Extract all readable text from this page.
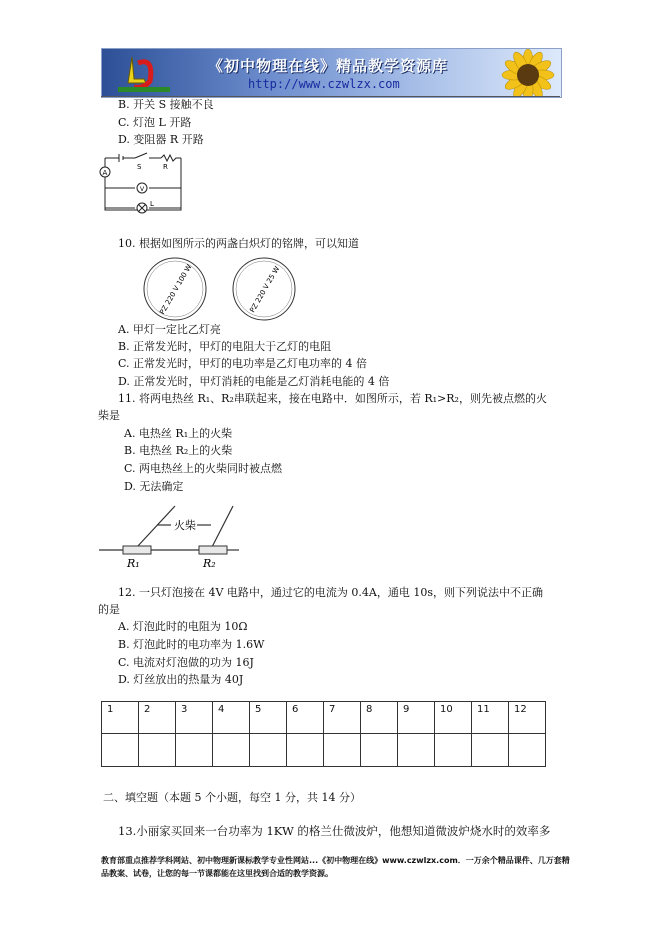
《初中物理在线》精品教学资源库
http://www.czwlzx.com
B. 开关 S 接触不良
C. 灯泡 L 开路
D. 变阻器 R 开路
A
S	R
V
L
10. 根据如图所示的两盏白炽灯的铭牌，可以知道
PZ 220 V 100 W	PZ 220 V 25 W
A. 甲灯一定比乙灯亮
B. 正常发光时，甲灯的电阻大于乙灯的电阻
C. 正常发光时，甲灯的电功率是乙灯电功率的 4 倍
D. 正常发光时，甲灯消耗的电能是乙灯消耗电能的 4 倍
11. 将两电热丝 R₁、R₂串联起来，接在电路中．如图所示，若 R₁>R₂，则先被点燃的火
柴是
A. 电热丝 R₁上的火柴
B. 电热丝 R₂上的火柴
C. 两电热丝上的火柴同时被点燃
D. 无法确定
火柴
R₁	R₂
12. 一只灯泡接在 4V 电路中，通过它的电流为 0.4A，通电 10s，则下列说法中不正确
的是
A. 灯泡此时的电阻为 10Ω
B. 灯泡此时的电功率为 1.6W
C. 电流对灯泡做的功为 16J
D. 灯丝放出的热量为 40J
1	2	3	4	5	6	7	8	9	10	11	12

二、填空题（本题 5 个小题，每空 1 分，共 14 分）
13.小丽家买回来一台功率为 1KW 的格兰仕微波炉，他想知道微波炉烧水时的效率多
教育部重点推荐学科网站、初中物理新课标教学专业性网站...《初中物理在线》www.czwlzx.com．一万余个精品课件、几万套精品教案、试卷，让您的每一节课都能在这里找到合适的教学资源。
